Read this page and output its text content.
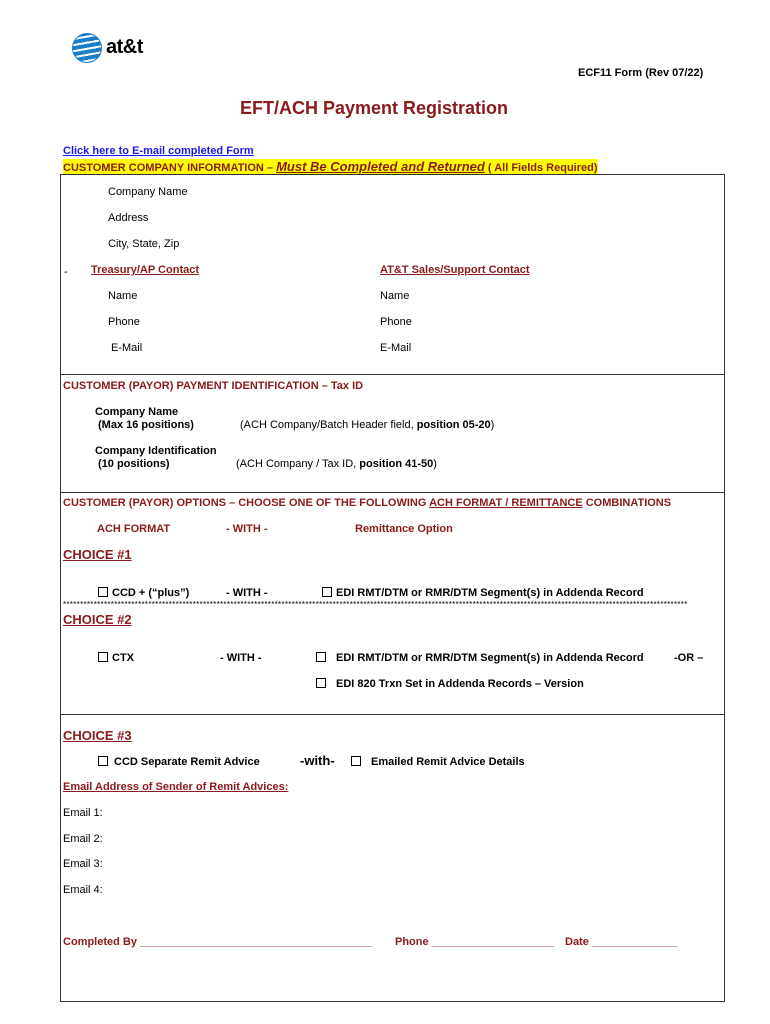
at&t
ECF11 Form (Rev 07/22)
EFT/ACH Payment Registration
Click here to E-mail completed Form
CUSTOMER COMPANY INFORMATION – Must Be Completed and Returned ( All Fields Required)
Company Name
Address
City, State, Zip
- Treasury/AP Contact	AT&T Sales/Support Contact
Name	Name
Phone	Phone
E-Mail	E-Mail
CUSTOMER (PAYOR) PAYMENT IDENTIFICATION – Tax ID
Company Name
(Max 16 positions)	(ACH Company/Batch Header field, position 05-20)
Company Identification
(10 positions)	(ACH Company / Tax ID, position 41-50)
CUSTOMER (PAYOR) OPTIONS – CHOOSE ONE OF THE FOLLOWING ACH FORMAT / REMITTANCE COMBINATIONS
ACH FORMAT	- WITH -	Remittance Option
CHOICE #1
CCD + (“plus”)	- WITH -	EDI RMT/DTM or RMR/DTM Segment(s) in Addenda Record
***************************************************************************************************************************************************************************************
CHOICE #2
CTX	- WITH -	EDI RMT/DTM or RMR/DTM Segment(s) in Addenda Record	-OR –
EDI 820 Trxn Set in Addenda Records – Version
CHOICE #3
CCD Separate Remit Advice	-with-	Emailed Remit Advice Details
Email Address of Sender of Remit Advices:
Email 1:
Email 2:
Email 3:
Email 4:
Completed By ______________________________________ Phone ____________________ Date ______________
